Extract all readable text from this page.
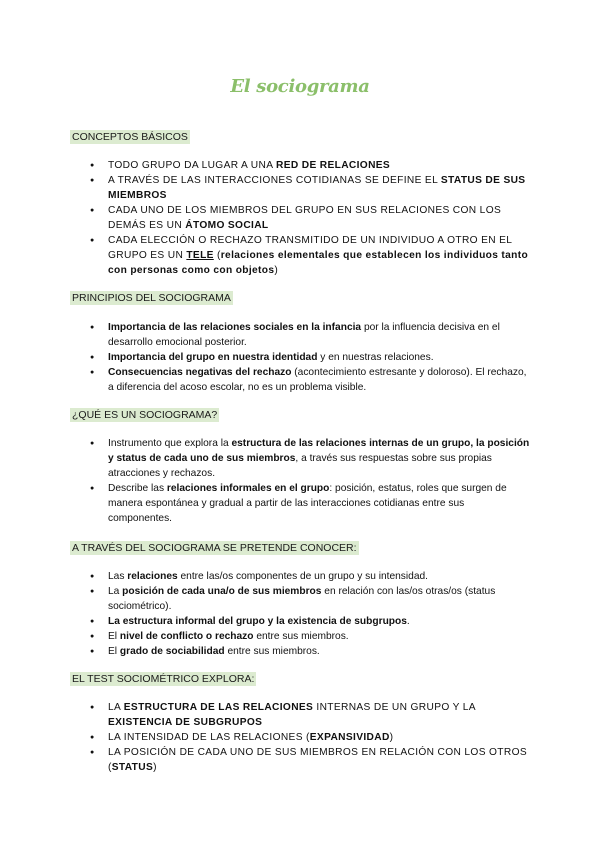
El sociograma
CONCEPTOS BÁSICOS
● TODO GRUPO DA LUGAR A UNA RED DE RELACIONES
● A TRAVÉS DE LAS INTERACCIONES COTIDIANAS SE DEFINE EL STATUS DE SUS MIEMBROS
● CADA UNO DE LOS MIEMBROS DEL GRUPO EN SUS RELACIONES CON LOS DEMÁS ES UN ÁTOMO SOCIAL
● CADA ELECCIÓN O RECHAZO TRANSMITIDO DE UN INDIVIDUO A OTRO EN EL GRUPO ES UN TELE (relaciones elementales que establecen los individuos tanto con personas como con objetos)
PRINCIPIOS DEL SOCIOGRAMA
● Importancia de las relaciones sociales en la infancia por la influencia decisiva en el desarrollo emocional posterior.
● Importancia del grupo en nuestra identidad y en nuestras relaciones.
● Consecuencias negativas del rechazo (acontecimiento estresante y doloroso). El rechazo, a diferencia del acoso escolar, no es un problema visible.
¿QUÉ ES UN SOCIOGRAMA?
● Instrumento que explora la estructura de las relaciones internas de un grupo, la posición y status de cada uno de sus miembros, a través sus respuestas sobre sus propias atracciones y rechazos.
● Describe las relaciones informales en el grupo: posición, estatus, roles que surgen de manera espontánea y gradual a partir de las interacciones cotidianas entre sus componentes.
A TRAVÉS DEL SOCIOGRAMA SE PRETENDE CONOCER:
● Las relaciones entre las/os componentes de un grupo y su intensidad.
● La posición de cada una/o de sus miembros en relación con las/os otras/os (status sociométrico).
● La estructura informal del grupo y la existencia de subgrupos.
● El nivel de conflicto o rechazo entre sus miembros.
● El grado de sociabilidad entre sus miembros.
EL TEST SOCIOMÉTRICO EXPLORA:
● LA ESTRUCTURA DE LAS RELACIONES INTERNAS DE UN GRUPO Y LA EXISTENCIA DE SUBGRUPOS
● LA INTENSIDAD DE LAS RELACIONES (EXPANSIVIDAD)
● LA POSICIÓN DE CADA UNO DE SUS MIEMBROS EN RELACIÓN CON LOS OTROS (STATUS)
